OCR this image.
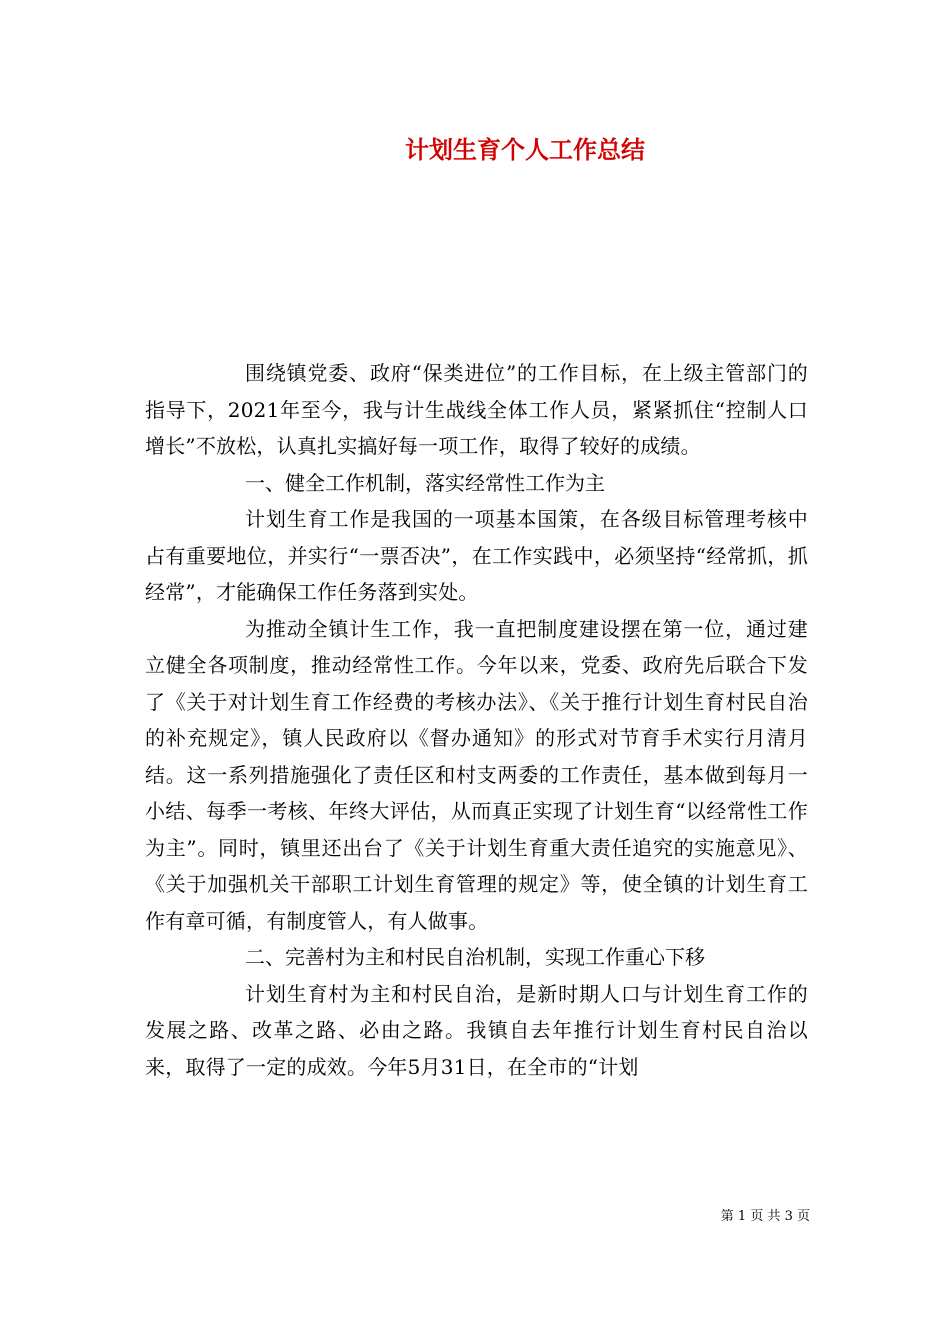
计划生育个人工作总结

围绕镇党委、政府“保类进位”的工作目标，在上级主管部门的指导下，2021年至今，我与计生战线全体工作人员，紧紧抓住“控制人口增长”不放松，认真扎实搞好每一项工作，取得了较好的成绩。

一、健全工作机制，落实经常性工作为主

计划生育工作是我国的一项基本国策，在各级目标管理考核中占有重要地位，并实行“一票否决”，在工作实践中，必须坚持“经常抓，抓经常”，才能确保工作任务落到实处。

为推动全镇计生工作，我一直把制度建设摆在第一位，通过建立健全各项制度，推动经常性工作。今年以来，党委、政府先后联合下发了《关于对计划生育工作经费的考核办法》、《关于推行计划生育村民自治的补充规定》，镇人民政府以《督办通知》的形式对节育手术实行月清月结。这一系列措施强化了责任区和村支两委的工作责任，基本做到每月一小结、每季一考核、年终大评估，从而真正实现了计划生育“以经常性工作为主”。同时，镇里还出台了《关于计划生育重大责任追究的实施意见》、《关于加强机关干部职工计划生育管理的规定》等，使全镇的计划生育工作有章可循，有制度管人，有人做事。

二、完善村为主和村民自治机制，实现工作重心下移

计划生育村为主和村民自治，是新时期人口与计划生育工作的发展之路、改革之路、必由之路。我镇自去年推行计划生育村民自治以来，取得了一定的成效。今年5月31日，在全市的“计划

第 1 页 共 3 页
